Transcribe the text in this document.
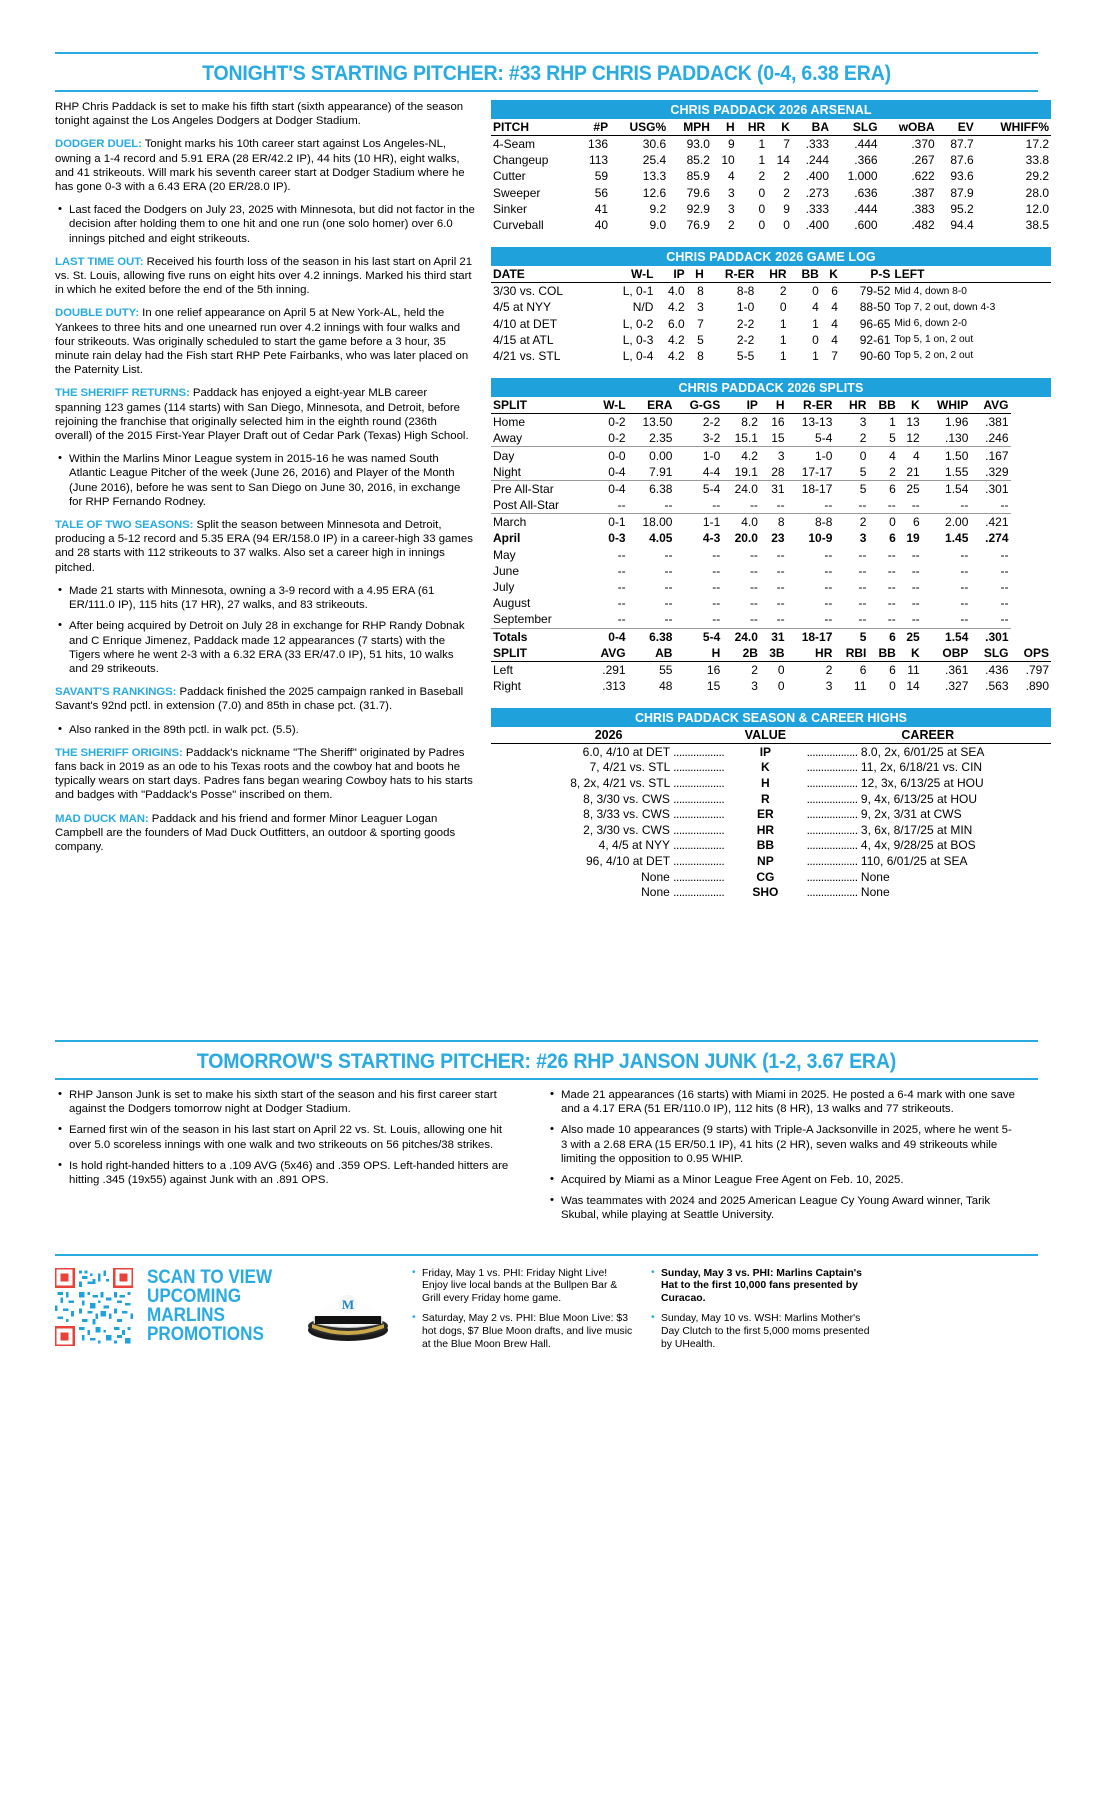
TONIGHT'S STARTING PITCHER: #33 RHP CHRIS PADDACK (0-4, 6.38 ERA)

RHP Chris Paddack is set to make his fifth start (sixth appearance) of the season tonight against the Los Angeles Dodgers at Dodger Stadium.

DODGER DUEL: Tonight marks his 10th career start against Los Angeles-NL, owning a 1-4 record and 5.91 ERA (28 ER/42.2 IP), 44 hits (10 HR), eight walks, and 41 strikeouts. Will mark his seventh career start at Dodger Stadium where he has gone 0-3 with a 6.43 ERA (20 ER/28.0 IP).

• Last faced the Dodgers on July 23, 2025 with Minnesota, but did not factor in the decision after holding them to one hit and one run (one solo homer) over 6.0 innings pitched and eight strikeouts.

LAST TIME OUT: Received his fourth loss of the season in his last start on April 21 vs. St. Louis, allowing five runs on eight hits over 4.2 innings. Marked his third start in which he exited before the end of the 5th inning.

DOUBLE DUTY: In one relief appearance on April 5 at New York-AL, held the Yankees to three hits and one unearned run over 4.2 innings with four walks and four strikeouts. Was originally scheduled to start the game before a 3 hour, 35 minute rain delay had the Fish start RHP Pete Fairbanks, who was later placed on the Paternity List.

THE SHERIFF RETURNS: Paddack has enjoyed a eight-year MLB career spanning 123 games (114 starts) with San Diego, Minnesota, and Detroit, before rejoining the franchise that originally selected him in the eighth round (236th overall) of the 2015 First-Year Player Draft out of Cedar Park (Texas) High School.

• Within the Marlins Minor League system in 2015-16 he was named South Atlantic League Pitcher of the week (June 26, 2016) and Player of the Month (June 2016), before he was sent to San Diego on June 30, 2016, in exchange for RHP Fernando Rodney.

TALE OF TWO SEASONS: Split the season between Minnesota and Detroit, producing a 5-12 record and 5.35 ERA (94 ER/158.0 IP) in a career-high 33 games and 28 starts with 112 strikeouts to 37 walks. Also set a career high in innings pitched.

• Made 21 starts with Minnesota, owning a 3-9 record with a 4.95 ERA (61 ER/111.0 IP), 115 hits (17 HR), 27 walks, and 83 strikeouts.
• After being acquired by Detroit on July 28 in exchange for RHP Randy Dobnak and C Enrique Jimenez, Paddack made 12 appearances (7 starts) with the Tigers where he went 2-3 with a 6.32 ERA (33 ER/47.0 IP), 51 hits, 10 walks and 29 strikeouts.

SAVANT'S RANKINGS: Paddack finished the 2025 campaign ranked in Baseball Savant's 92nd pctl. in extension (7.0) and 85th in chase pct. (31.7).

• Also ranked in the 89th pctl. in walk pct. (5.5).

THE SHERIFF ORIGINS: Paddack's nickname "The Sheriff" originated by Padres fans back in 2019 as an ode to his Texas roots and the cowboy hat and boots he typically wears on start days. Padres fans began wearing Cowboy hats to his starts and badges with "Paddack's Posse" inscribed on them.

MAD DUCK MAN: Paddack and his friend and former Minor Leaguer Logan Campbell are the founders of Mad Duck Outfitters, an outdoor & sporting goods company.

CHRIS PADDACK 2026 ARSENAL
PITCH	#P	USG%	MPH	H	HR	K	BA	SLG	wOBA	EV	WHIFF%
4-Seam	136	30.6	93.0	9	1	7	.333	.444	.370	87.7	17.2
Changeup	113	25.4	85.2	10	1	14	.244	.366	.267	87.6	33.8
Cutter	59	13.3	85.9	4	2	2	.400	1.000	.622	93.6	29.2
Sweeper	56	12.6	79.6	3	0	2	.273	.636	.387	87.9	28.0
Sinker	41	9.2	92.9	3	0	9	.333	.444	.383	95.2	12.0
Curveball	40	9.0	76.9	2	0	0	.400	.600	.482	94.4	38.5
CHRIS PADDACK 2026 GAME LOG
DATE	W-L	IP	H	R-ER	HR	BB	K	P-S	LEFT
3/30 vs. COL	L, 0-1	4.0	8	8-8	2	0	6	79-52	Mid 4, down 8-0
4/5 at NYY	N/D	4.2	3	1-0	0	4	4	88-50	Top 7, 2 out, down 4-3
4/10 at DET	L, 0-2	6.0	7	2-2	1	1	4	96-65	Mid 6, down 2-0
4/15 at ATL	L, 0-3	4.2	5	2-2	1	0	4	92-61	Top 5, 1 on, 2 out
4/21 vs. STL	L, 0-4	4.2	8	5-5	1	1	7	90-60	Top 5, 2 on, 2 out
CHRIS PADDACK 2026 SPLITS
SPLIT	W-L	ERA	G-GS	IP	H	R-ER	HR	BB	K	WHIP	AVG	
Home	0-2	13.50	2-2	8.2	16	13-13	3	1	13	1.96	.381	
Away	0-2	2.35	3-2	15.1	15	5-4	2	5	12	.130	.246	
Day	0-0	0.00	1-0	4.2	3	1-0	0	4	4	1.50	.167	
Night	0-4	7.91	4-4	19.1	28	17-17	5	2	21	1.55	.329	
Pre All-Star	0-4	6.38	5-4	24.0	31	18-17	5	6	25	1.54	.301	
Post All-Star	--	--	--	--	--	--	--	--	--	--	--	
March	0-1	18.00	1-1	4.0	8	8-8	2	0	6	2.00	.421	
April	0-3	4.05	4-3	20.0	23	10-9	3	6	19	1.45	.274	
May	--	--	--	--	--	--	--	--	--	--	--	
June	--	--	--	--	--	--	--	--	--	--	--	
July	--	--	--	--	--	--	--	--	--	--	--	
August	--	--	--	--	--	--	--	--	--	--	--	
September	--	--	--	--	--	--	--	--	--	--	--	
Totals	0-4	6.38	5-4	24.0	31	18-17	5	6	25	1.54	.301	
SPLIT	AVG	AB	H	2B	3B	HR	RBI	BB	K	OBP	SLG	OPS
Left	.291	55	16	2	0	2	6	6	11	.361	.436	.797
Right	.313	48	15	3	0	3	11	0	14	.327	.563	.890
CHRIS PADDACK SEASON & CAREER HIGHS
2026	VALUE	CAREER
6.0, 4/10 at DET ..................	IP	.................. 8.0, 2x, 6/01/25 at SEA
7, 4/21 vs. STL ..................	K	.................. 11, 2x, 6/18/21 vs. CIN
8, 2x, 4/21 vs. STL ..................	H	.................. 12, 3x, 6/13/25 at HOU
8, 3/30 vs. CWS ..................	R	.................. 9, 4x, 6/13/25 at HOU
8, 3/33 vs. CWS ..................	ER	.................. 9, 2x, 3/31 at CWS
2, 3/30 vs. CWS ..................	HR	.................. 3, 6x, 8/17/25 at MIN
4, 4/5 at NYY ..................	BB	.................. 4, 4x, 9/28/25 at BOS
96, 4/10 at DET ..................	NP	.................. 110, 6/01/25 at SEA
None ..................	CG	.................. None
None ..................	SHO	.................. None
TOMORROW'S STARTING PITCHER: #26 RHP JANSON JUNK (1-2, 3.67 ERA)
• RHP Janson Junk is set to make his sixth start of the season and his first career start against the Dodgers tomorrow night at Dodger Stadium.
• Earned first win of the season in his last start on April 22 vs. St. Louis, allowing one hit over 5.0 scoreless innings with one walk and two strikeouts on 56 pitches/38 strikes.
• Is hold right-handed hitters to a .109 AVG (5x46) and .359 OPS. Left-handed hitters are hitting .345 (19x55) against Junk with an .891 OPS.
• Made 21 appearances (16 starts) with Miami in 2025. He posted a 6-4 mark with one save and a 4.17 ERA (51 ER/110.0 IP), 112 hits (8 HR), 13 walks and 77 strikeouts.
• Also made 10 appearances (9 starts) with Triple-A Jacksonville in 2025, where he went 5-3 with a 2.68 ERA (15 ER/50.1 IP), 41 hits (2 HR), seven walks and 49 strikeouts while limiting the opposition to 0.95 WHIP.
• Acquired by Miami as a Minor League Free Agent on Feb. 10, 2025.
• Was teammates with 2024 and 2025 American League Cy Young Award winner, Tarik Skubal, while playing at Seattle University.
SCAN TO VIEW
UPCOMING
MARLINS
PROMOTIONS
M
• Friday, May 1 vs. PHI: Friday Night Live! Enjoy live local bands at the Bullpen Bar & Grill every Friday home game.
• Saturday, May 2 vs. PHI: Blue Moon Live: $3 hot dogs, $7 Blue Moon drafts, and live music at the Blue Moon Brew Hall.
• Sunday, May 3 vs. PHI: Marlins Captain's Hat to the first 10,000 fans presented by Curacao.
• Sunday, May 10 vs. WSH: Marlins Mother's Day Clutch to the first 5,000 moms presented by UHealth.
